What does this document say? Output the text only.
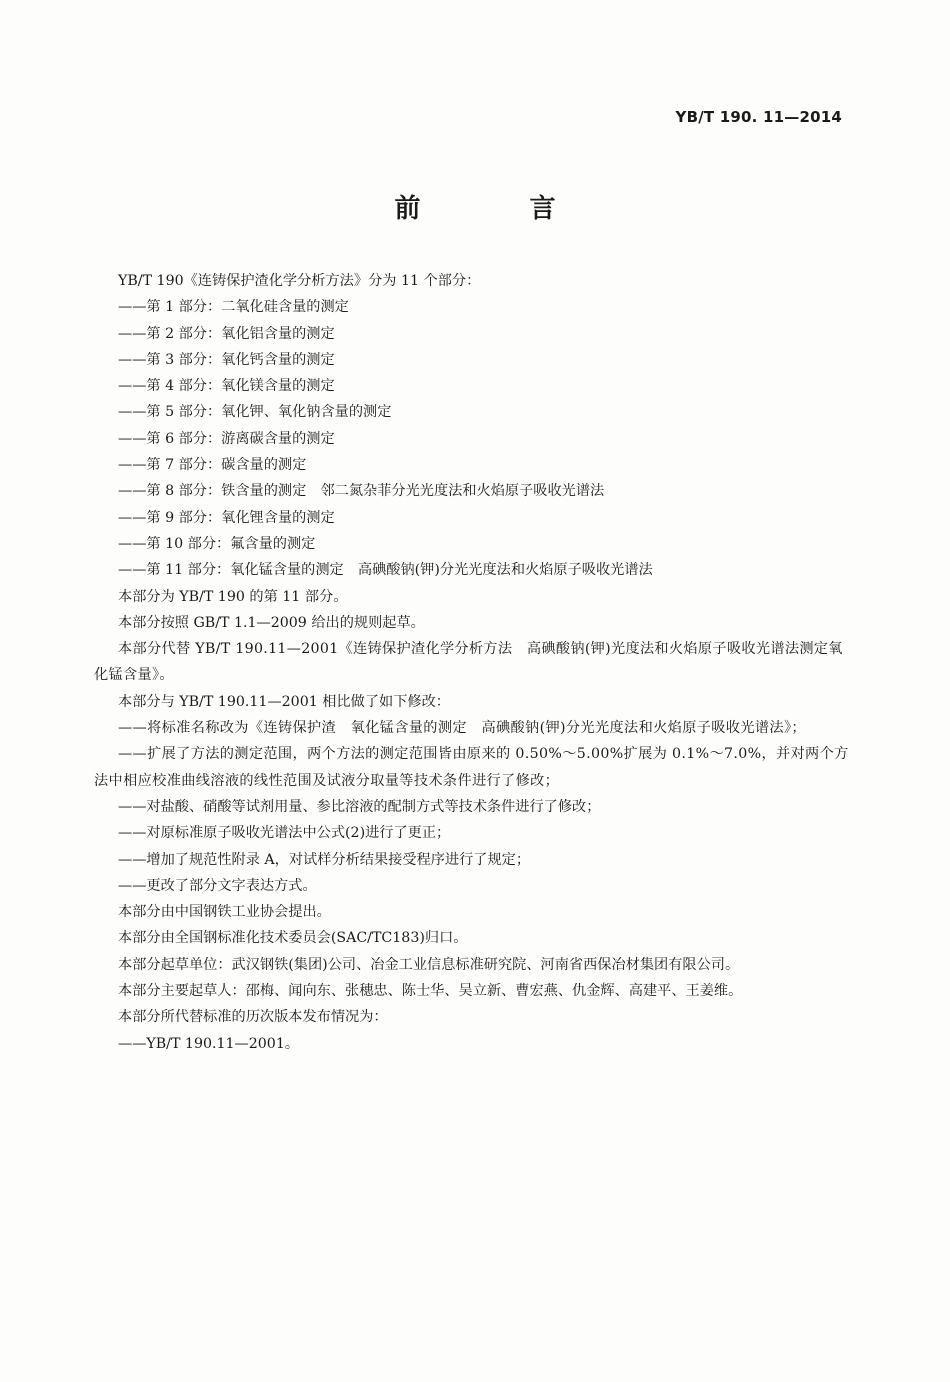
YB/T 190. 11—2014
前 言

YB/T 190《连铸保护渣化学分析方法》分为 11 个部分：

——第 1 部分：二氧化硅含量的测定

——第 2 部分：氧化铝含量的测定

——第 3 部分：氧化钙含量的测定

——第 4 部分：氧化镁含量的测定

——第 5 部分：氧化钾、氧化钠含量的测定

——第 6 部分：游离碳含量的测定

——第 7 部分：碳含量的测定

——第 8 部分：铁含量的测定　邻二氮杂菲分光光度法和火焰原子吸收光谱法

——第 9 部分：氧化锂含量的测定

——第 10 部分：氟含量的测定

——第 11 部分：氧化锰含量的测定　高碘酸钠(钾)分光光度法和火焰原子吸收光谱法

本部分为 YB/T 190 的第 11 部分。

本部分按照 GB/T 1.1—2009 给出的规则起草。

本部分代替 YB/T 190.11—2001《连铸保护渣化学分析方法　高碘酸钠(钾)光度法和火焰原子吸收光谱法测定氧化锰含量》。

本部分与 YB/T 190.11—2001 相比做了如下修改：

——将标准名称改为《连铸保护渣　氧化锰含量的测定　高碘酸钠(钾)分光光度法和火焰原子吸收光谱法》；

——扩展了方法的测定范围，两个方法的测定范围皆由原来的 0.50%～5.00%扩展为 0.1%～7.0%，并对两个方法中相应校准曲线溶液的线性范围及试液分取量等技术条件进行了修改；

——对盐酸、硝酸等试剂用量、参比溶液的配制方式等技术条件进行了修改；

——对原标准原子吸收光谱法中公式(2)进行了更正；

——增加了规范性附录 A，对试样分析结果接受程序进行了规定；

——更改了部分文字表达方式。

本部分由中国钢铁工业协会提出。

本部分由全国钢标准化技术委员会(SAC/TC183)归口。

本部分起草单位：武汉钢铁(集团)公司、冶金工业信息标准研究院、河南省西保冶材集团有限公司。

本部分主要起草人：邵梅、闻向东、张穗忠、陈士华、吴立新、曹宏燕、仇金辉、高建平、王姜维。

本部分所代替标准的历次版本发布情况为：

——YB/T 190.11—2001。
